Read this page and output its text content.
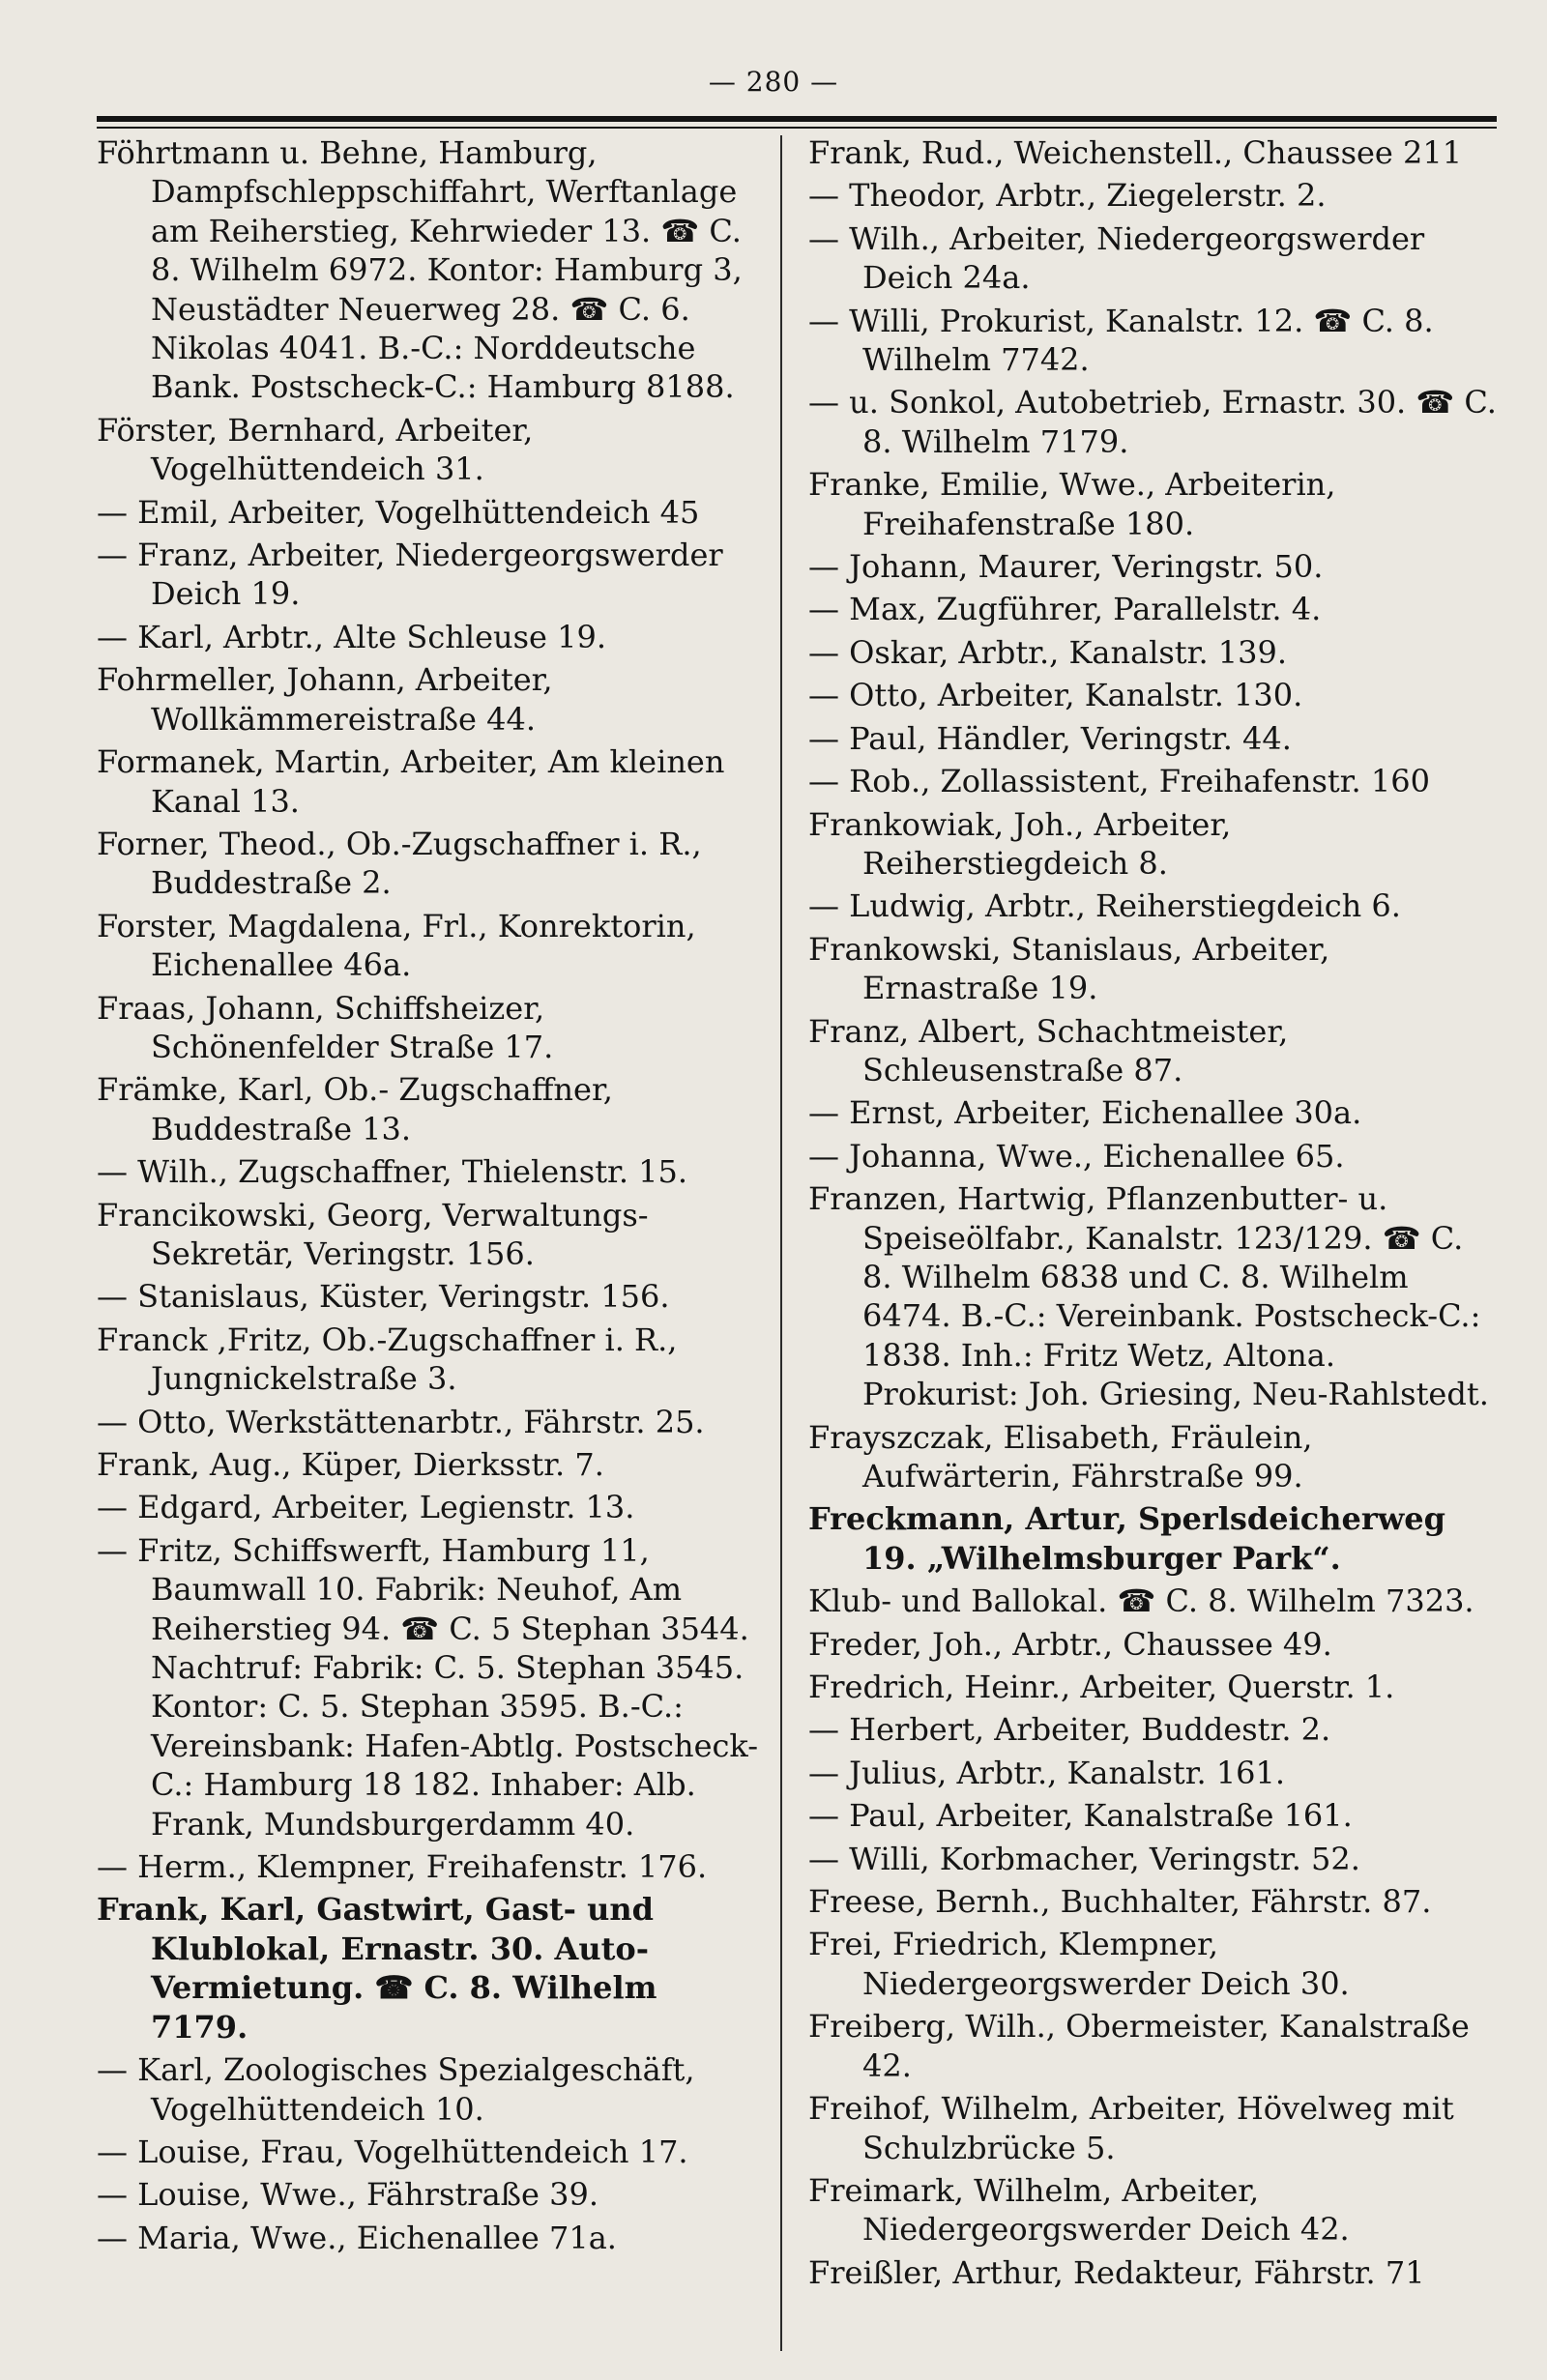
— 280 —

Föhrtmann u. Behne, Hamburg, Dampfschleppschiffahrt, Werftanlage am Reiherstieg, Kehrwieder 13. ☎ C. 8. Wilhelm 6972. Kontor: Hamburg 3, Neustädter Neuerweg 28. ☎ C. 6. Nikolas 4041. B.-C.: Norddeutsche Bank. Postscheck-C.: Hamburg 8188.

Förster, Bernhard, Arbeiter, Vogelhüttendeich 31.

— Emil, Arbeiter, Vogelhüttendeich 45

— Franz, Arbeiter, Niedergeorgswerder Deich 19.

— Karl, Arbtr., Alte Schleuse 19.

Fohrmeller, Johann, Arbeiter, Wollkämmereistraße 44.

Formanek, Martin, Arbeiter, Am kleinen Kanal 13.

Forner, Theod., Ob.-Zugschaffner i. R., Buddestraße 2.

Forster, Magdalena, Frl., Konrektorin, Eichenallee 46a.

Fraas, Johann, Schiffsheizer, Schönenfelder Straße 17.

Främke, Karl, Ob.- Zugschaffner, Buddestraße 13.

— Wilh., Zugschaffner, Thielenstr. 15.

Francikowski, Georg, Verwaltungs-Sekretär, Veringstr. 156.

— Stanislaus, Küster, Veringstr. 156.

Franck ,Fritz, Ob.-Zugschaffner i. R., Jungnickelstraße 3.

— Otto, Werkstättenarbtr., Fährstr. 25.

Frank, Aug., Küper, Dierksstr. 7.

— Edgard, Arbeiter, Legienstr. 13.

— Fritz, Schiffswerft, Hamburg 11, Baumwall 10. Fabrik: Neuhof, Am Reiherstieg 94. ☎ C. 5 Stephan 3544. Nachtruf: Fabrik: C. 5. Stephan 3545. Kontor: C. 5. Stephan 3595. B.-C.: Vereinsbank: Hafen-Abtlg. Postscheck-C.: Hamburg 18 182. Inhaber: Alb. Frank, Mundsburgerdamm 40.

— Herm., Klempner, Freihafenstr. 176.

Frank, Karl, Gastwirt, Gast- und Klublokal, Ernastr. 30. Auto-Vermietung. ☎ C. 8. Wilhelm 7179.

— Karl, Zoologisches Spezialgeschäft, Vogelhüttendeich 10.

— Louise, Frau, Vogelhüttendeich 17.

— Louise, Wwe., Fährstraße 39.

— Maria, Wwe., Eichenallee 71a.

Frank, Rud., Weichenstell., Chaussee 211

— Theodor, Arbtr., Ziegelerstr. 2.

— Wilh., Arbeiter, Niedergeorgswerder Deich 24a.

— Willi, Prokurist, Kanalstr. 12. ☎ C. 8. Wilhelm 7742.

— u. Sonkol, Autobetrieb, Ernastr. 30. ☎ C. 8. Wilhelm 7179.

Franke, Emilie, Wwe., Arbeiterin, Freihafenstraße 180.

— Johann, Maurer, Veringstr. 50.

— Max, Zugführer, Parallelstr. 4.

— Oskar, Arbtr., Kanalstr. 139.

— Otto, Arbeiter, Kanalstr. 130.

— Paul, Händler, Veringstr. 44.

— Rob., Zollassistent, Freihafenstr. 160

Frankowiak, Joh., Arbeiter, Reiherstiegdeich 8.

— Ludwig, Arbtr., Reiherstiegdeich 6.

Frankowski, Stanislaus, Arbeiter, Ernastraße 19.

Franz, Albert, Schachtmeister, Schleusenstraße 87.

— Ernst, Arbeiter, Eichenallee 30a.

— Johanna, Wwe., Eichenallee 65.

Franzen, Hartwig, Pflanzenbutter- u. Speiseölfabr., Kanalstr. 123/129. ☎ C. 8. Wilhelm 6838 und C. 8. Wilhelm 6474. B.-C.: Vereinbank. Postscheck-C.: 1838. Inh.: Fritz Wetz, Altona. Prokurist: Joh. Griesing, Neu-Rahlstedt.

Frayszczak, Elisabeth, Fräulein, Aufwärterin, Fährstraße 99.

Freckmann, Artur, Sperlsdeicherweg 19. „Wilhelmsburger Park“.

Klub- und Ballokal. ☎ C. 8. Wilhelm 7323.

Freder, Joh., Arbtr., Chaussee 49.

Fredrich, Heinr., Arbeiter, Querstr. 1.

— Herbert, Arbeiter, Buddestr. 2.

— Julius, Arbtr., Kanalstr. 161.

— Paul, Arbeiter, Kanalstraße 161.

— Willi, Korbmacher, Veringstr. 52.

Freese, Bernh., Buchhalter, Fährstr. 87.

Frei, Friedrich, Klempner, Niedergeorgswerder Deich 30.

Freiberg, Wilh., Obermeister, Kanalstraße 42.

Freihof, Wilhelm, Arbeiter, Hövelweg mit Schulzbrücke 5.

Freimark, Wilhelm, Arbeiter, Niedergeorgswerder Deich 42.

Freißler, Arthur, Redakteur, Fährstr. 71
